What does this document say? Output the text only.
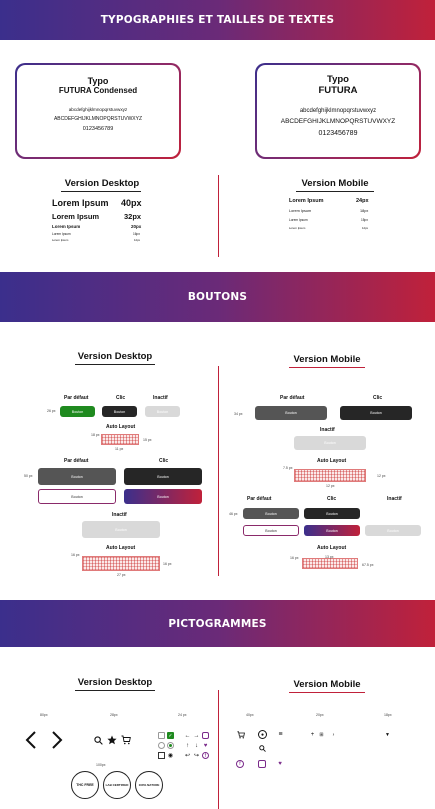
TYPOGRAPHIES ET TAILLES DE TEXTES
Typo
FUTURA Condensed
abcdefghijklmnopqrstuvwxyz
ABCDEFGHIJKLMNOPQRSTUVWXYZ
0123456789
Typo
FUTURA
abcdefghijklmnopqrstuvwxyz
ABCDEFGHIJKLMNOPQRSTUVWXYZ
0123456789
Version Desktop	Version Mobile
Lorem Ipsum 40px
Lorem Ipsum	32px
Lorem Ipsum	20px
Lorem Ipsum	16px
Lorem Ipsum	12px
Lorem Ipsum	24px
Lorem Ipsum	18px
Lorem Ipsum	15px
Lorem Ipsum	12px
BOUTONS
Version Desktop	Version Mobile
Par défaut	Clic	Inactif
26 px	Bouton	Bouton	Bouton
Auto Layout
18 px
15 px
11 px
Par défaut	Clic
50 px	Bouton	Bouton
Bouton	Bouton
Inactif
Bouton
Auto Layout
16 px
16 px
27 px
Par défaut	Clic
34 px	Bouton	Bouton
Inactif
Bouton
Auto Layout
7.5 px
12 px
12 px
Par défaut	Clic	Inactif
46 px	Bouton	Bouton
Bouton	Bouton	Bouton
Auto Layout
16 px	13 px
67.5 px
PICTOGRAMMES
Version Desktop	Version Mobile
80px	28px	24 px
✓
◉
← →
↑	↓ ♥
↩ ↪	f
100px
THC FREE	LAB CERTIFIED	100% NATURE
40px	20px	18px
●	≡	+	⊞	›	▼
f	♥
